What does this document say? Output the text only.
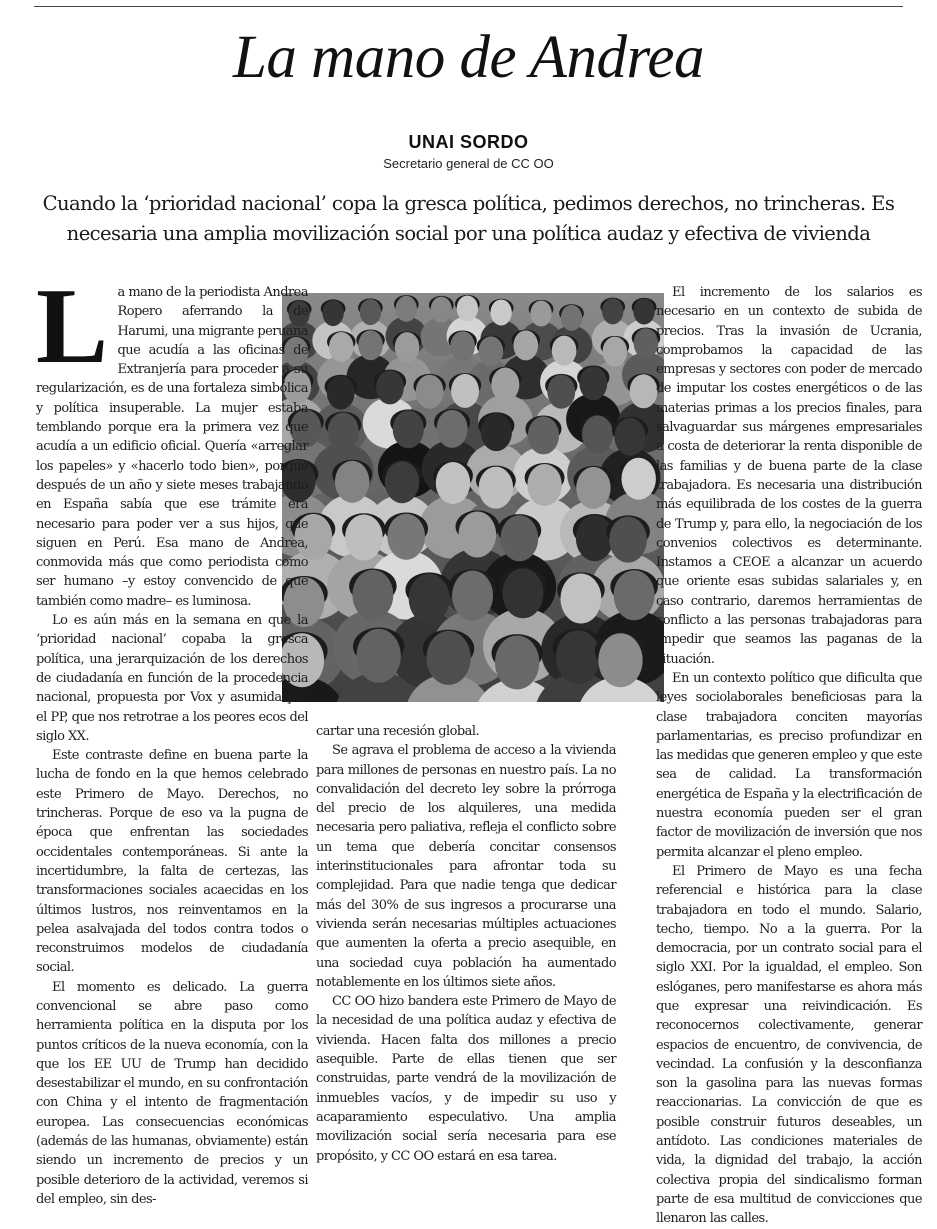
La mano de Andrea
UNAI SORDO
Secretario general de CC OO
Cuando la ‘prioridad nacional’ copa la gresca política, pedimos derechos, no trincheras. Es
necesaria una amplia movilización social por una política audaz y efectiva de vivienda
L a mano de la periodista Andrea Ropero aferrando la de Harumi, una migrante peruana que acudía a las oficinas de Extranjería para proceder a su regularización, es de una fortaleza simbólica y política insuperable. La mujer estaba temblando porque era la primera vez que acudía a un edificio oficial. Quería «arreglar los papeles» y «hacerlo todo bien», porque después de un año y siete meses trabajando en España sabía que ese trámite era necesario para poder ver a sus hijos, que siguen en Perú. Esa mano de Andrea, conmovida más que como periodista como ser humano –y estoy convencido de que también como madre– es luminosa.

Lo es aún más en la semana en que la ‘prioridad nacional’ copaba la gresca política, una jerarquización de los derechos de ciudadanía en función de la procedencia nacional, propuesta por Vox y asumida por el PP, que nos retrotrae a los peores ecos del siglo XX.

Este contraste define en buena parte la lucha de fondo en la que hemos celebrado este Primero de Mayo. Derechos, no trincheras. Porque de eso va la pugna de época que enfrentan las sociedades occidentales contemporáneas. Si ante la incertidumbre, la falta de certezas, las transformaciones sociales acaecidas en los últimos lustros, nos reinventamos en la pelea asalvajada del todos contra todos o reconstruimos modelos de ciudadanía social.

El momento es delicado. La guerra convencional se abre paso como herramienta política en la disputa por los puntos críticos de la nueva economía, con la que los EE UU de Trump han decidido desestabilizar el mundo, en su confrontación con China y el intento de fragmentación europea. Las consecuencias económicas (además de las humanas, obviamente) están siendo un incremento de precios y un posible deterioro de la actividad, veremos si del empleo, sin des-

cartar una recesión global.

Se agrava el problema de acceso a la vivienda para millones de personas en nuestro país. La no convalidación del decreto ley sobre la prórroga del precio de los alquileres, una medida necesaria pero paliativa, refleja el conflicto sobre un tema que debería concitar consensos interinstitucionales para afrontar toda su complejidad. Para que nadie tenga que dedicar más del 30% de sus ingresos a procurarse una vivienda serán necesarias múltiples actuaciones que aumenten la oferta a precio asequible, en una sociedad cuya población ha aumentado notablemente en los últimos siete años.

CC OO hizo bandera este Primero de Mayo de la necesidad de una política audaz y efectiva de vivienda. Hacen falta dos millones a precio asequible. Parte de ellas tienen que ser construidas, parte vendrá de la movilización de inmuebles vacíos, y de impedir su uso y acaparamiento especulativo. Una amplia movilización social sería necesaria para ese propósito, y CC OO estará en esa tarea.

El incremento de los salarios es necesario en un contexto de subida de precios. Tras la invasión de Ucrania, comprobamos la capacidad de las empresas y sectores con poder de mercado de imputar los costes energéticos o de las materias primas a los precios finales, para salvaguardar sus márgenes empresariales a costa de deteriorar la renta disponible de las familias y de buena parte de la clase trabajadora. Es necesaria una distribución más equilibrada de los costes de la guerra de Trump y, para ello, la negociación de los convenios colectivos es determinante. Instamos a CEOE a alcanzar un acuerdo que oriente esas subidas salariales y, en caso contrario, daremos herramientas de conflicto a las personas trabajadoras para impedir que seamos las paganas de la situación.

En un contexto político que dificulta que leyes sociolaborales beneficiosas para la clase trabajadora conciten mayorías parlamentarias, es preciso profundizar en las medidas que generen empleo y que este sea de calidad. La transformación energética de España y la electrificación de nuestra economía pueden ser el gran factor de movilización de inversión que nos permita alcanzar el pleno empleo.

El Primero de Mayo es una fecha referencial e histórica para la clase trabajadora en todo el mundo. Salario, techo, tiempo. No a la guerra. Por la democracia, por un contrato social para el siglo XXI. Por la igualdad, el empleo. Son eslóganes, pero manifestarse es ahora más que expresar una reivindicación. Es reconocernos colectivamente, generar espacios de encuentro, de convivencia, de vecindad. La confusión y la desconfianza son la gasolina para las nuevas formas reaccionarias. La convicción de que es posible construir futuros deseables, un antídoto. Las condiciones materiales de vida, la dignidad del trabajo, la acción colectiva propia del sindicalismo forman parte de esa multitud de convicciones que llenaron las calles.
